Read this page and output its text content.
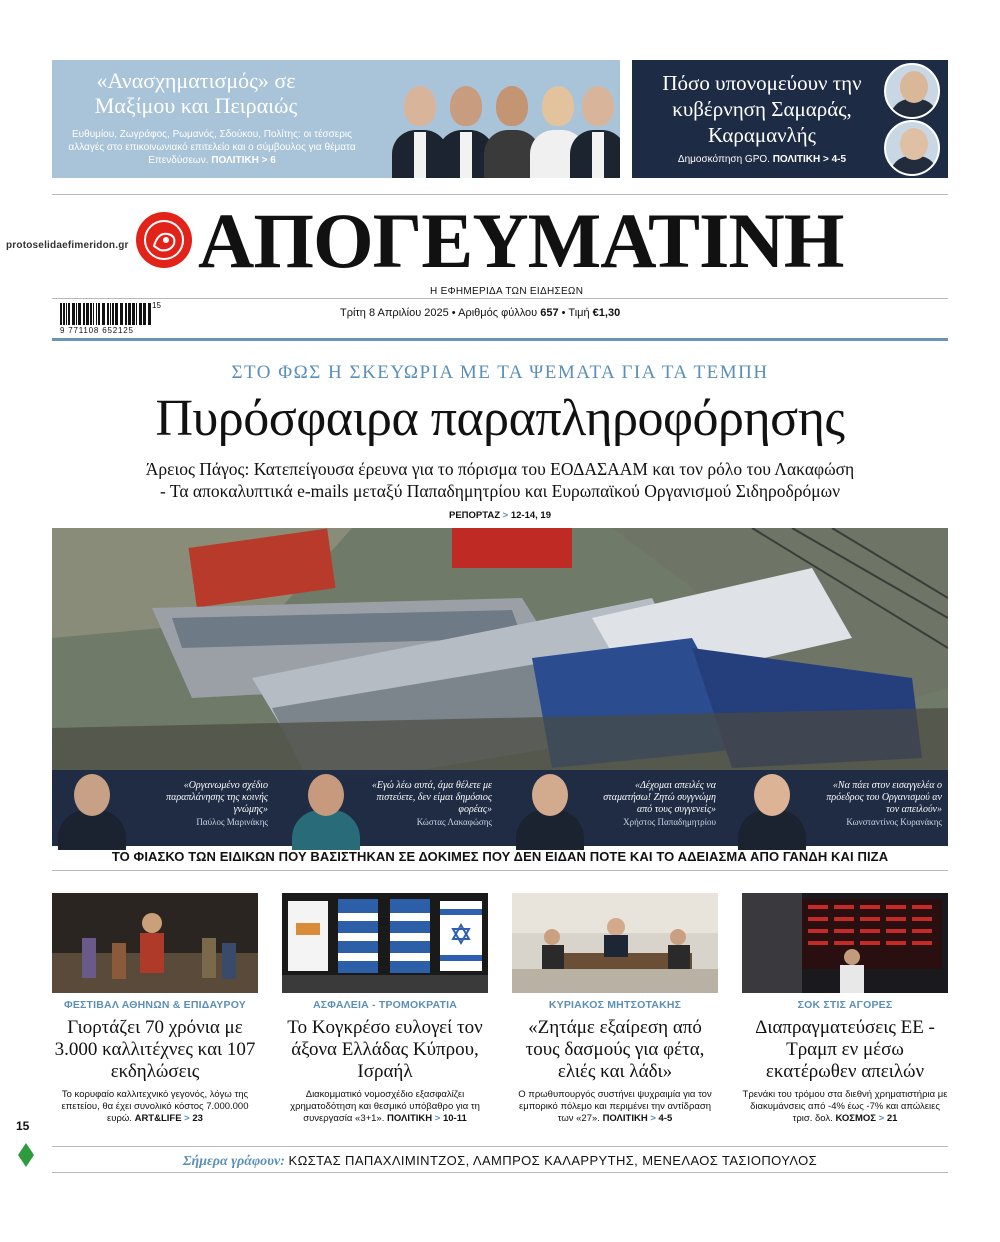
«Ανασχηματισμός» σε Μαξίμου και Πειραιώς
Ευθυμίου, Ζωγράφος, Ρωμανός, Σδούκου, Πολίτης: οι τέσσερις αλλαγές στο επικοινωνιακό επιτελείο και ο σύμβουλος για θέματα Επενδύσεων. ΠΟΛΙΤΙΚΗ > 6
Πόσο υπονομεύουν την κυβέρνηση Σαμαράς, Καραμανλής
Δημοσκόπηση GPO. ΠΟΛΙΤΙΚΗ > 4-5
protoselidaefimeridon.gr ΑΠΟΓΕΥΜΑΤΙΝΗ
Η ΕΦΗΜΕΡΙΔΑ ΤΩΝ ΕΙΔΗΣΕΩΝ
9 771108 652125
15
Τρίτη 8 Απριλίου 2025 • Αριθμός φύλλου 657 • Τιμή €1,30
ΣΤΟ ΦΩΣ Η ΣΚΕΥΩΡΙΑ ΜΕ ΤΑ ΨΕΜΑΤΑ ΓΙΑ ΤΑ ΤΕΜΠΗ
Πυρόσφαιρα παραπληροφόρησης
Άρειος Πάγος: Κατεπείγουσα έρευνα για το πόρισμα του ΕΟΔΑΣΑΑΜ και τον ρόλο του Λακαφώση
- Τα αποκαλυπτικά e-mails μεταξύ Παπαδημητρίου και Ευρωπαϊκού Οργανισμού Σιδηροδρόμων
ΡΕΠΟΡΤΑΖ > 12-14, 19
«Οργανωμένο σχέδιο παραπλάνησης της κοινής γνώμης»
Παύλος Μαρινάκης
«Εγώ λέω αυτά, άμα θέλετε με πιστεύετε, δεν είμαι δημόσιος φορέας»
Κώστας Λακαφώσης
«Δέχομαι απειλές να σταματήσω! Ζητώ συγγνώμη από τους συγγενείς»
Χρήστος Παπαδημητρίου
«Να πάει στον εισαγγελέα ο πρόεδρος του Οργανισμού αν τον απειλούν»
Κωνσταντίνος Κυρανάκης
ΤΟ ΦΙΑΣΚΟ ΤΩΝ ΕΙΔΙΚΩΝ ΠΟΥ ΒΑΣΙΣΤΗΚΑΝ ΣΕ ΔΟΚΙΜΕΣ ΠΟΥ ΔΕΝ ΕΙΔΑΝ ΠΟΤΕ ΚΑΙ ΤΟ ΑΔΕΙΑΣΜΑ ΑΠΟ ΓΑΝΔΗ ΚΑΙ ΠΙΖΑ
ΦΕΣΤΙΒΑΛ ΑΘΗΝΩΝ & ΕΠΙΔΑΥΡΟΥ
Γιορτάζει 70 χρόνια με 3.000 καλλιτέχνες και 107 εκδηλώσεις
Το κορυφαίο καλλιτεχνικό γεγονός, λόγω της επετείου, θα έχει συνολικό κόστος 7.000.000 ευρώ. ART&LIFE > 23
ΑΣΦΑΛΕΙΑ - ΤΡΟΜΟΚΡΑΤΙΑ
Το Κογκρέσο ευλογεί τον άξονα Ελλάδας Κύπρου, Ισραήλ
Διακομματικό νομοσχέδιο εξασφαλίζει χρηματοδότηση και θεσμικό υπόβαθρο για τη συνεργασία «3+1». ΠΟΛΙΤΙΚΗ > 10-11
ΚΥΡΙΑΚΟΣ ΜΗΤΣΟΤΑΚΗΣ
«Ζητάμε εξαίρεση από τους δασμούς για φέτα, ελιές και λάδι»
Ο πρωθυπουργός συστήνει ψυχραιμία για τον εμπορικό πόλεμο και περιμένει την αντίδραση των «27». ΠΟΛΙΤΙΚΗ > 4-5
ΣΟΚ ΣΤΙΣ ΑΓΟΡΕΣ
Διαπραγματεύσεις ΕΕ - Τραμπ εν μέσω εκατέρωθεν απειλών
Τρενάκι του τρόμου στα διεθνή χρηματιστήρια με διακυμάνσεις από -4% έως -7% και απώλειες τρισ. δολ. ΚΟΣΜΟΣ > 21
15
Σήμερα γράφουν: ΚΩΣΤΑΣ ΠΑΠΑΧΛΙΜΙΝΤΖΟΣ, ΛΑΜΠΡΟΣ ΚΑΛΑΡΡΥΤΗΣ, ΜΕΝΕΛΑΟΣ ΤΑΣΙΟΠΟΥΛΟΣ
